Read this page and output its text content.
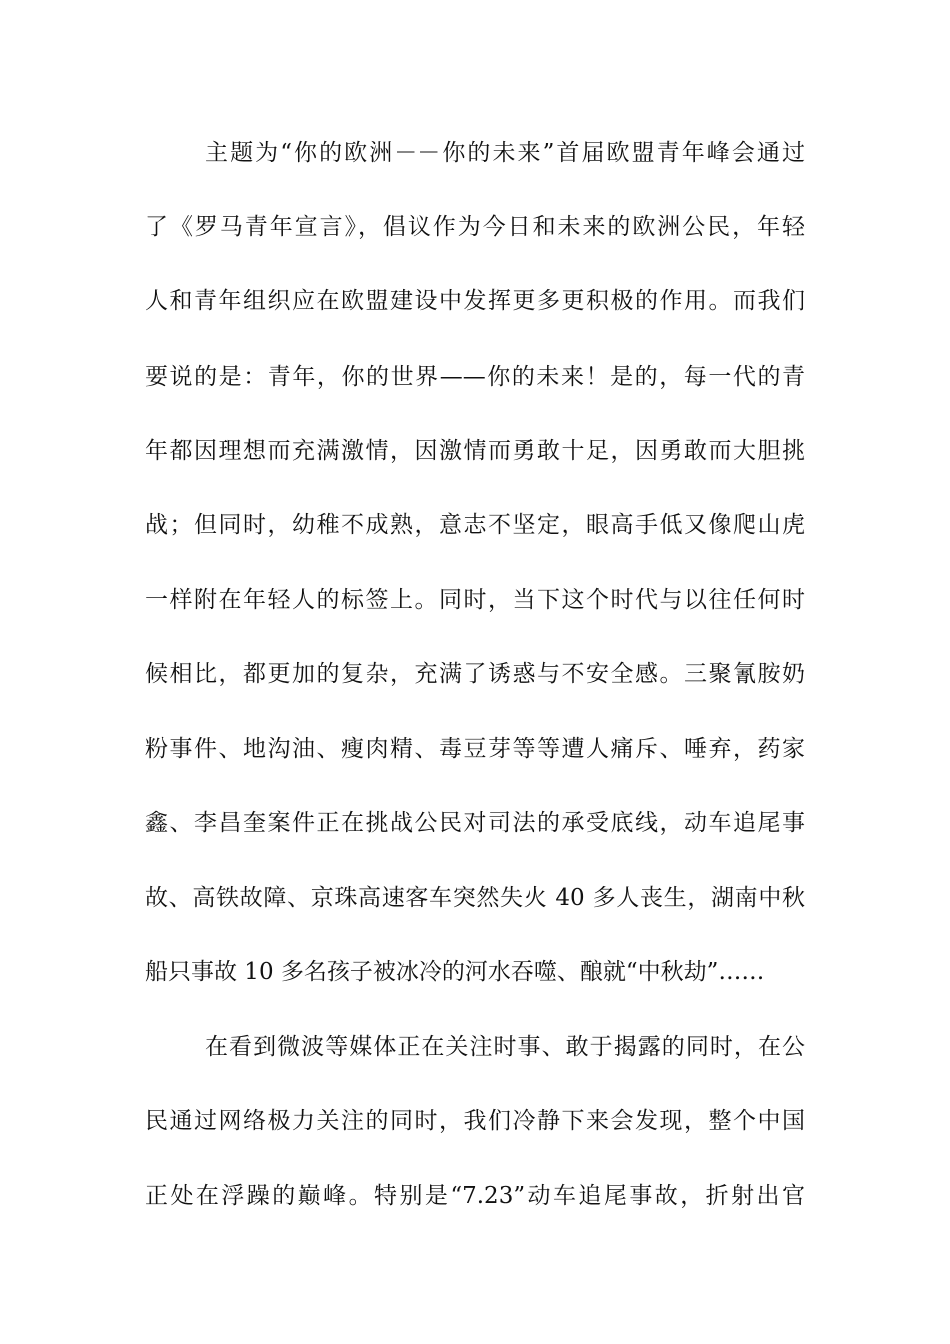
主题为“你的欧洲－－你的未来”首届欧盟青年峰会通过
了《罗马青年宣言》，倡议作为今日和未来的欧洲公民，年轻
人和青年组织应在欧盟建设中发挥更多更积极的作用。而我们
要说的是：青年，你的世界——你的未来！是的，每一代的青
年都因理想而充满激情，因激情而勇敢十足，因勇敢而大胆挑
战；但同时，幼稚不成熟，意志不坚定，眼高手低又像爬山虎
一样附在年轻人的标签上。同时，当下这个时代与以往任何时
候相比，都更加的复杂，充满了诱惑与不安全感。三聚氰胺奶
粉事件、地沟油、瘦肉精、毒豆芽等等遭人痛斥、唾弃，药家
鑫、李昌奎案件正在挑战公民对司法的承受底线，动车追尾事
故、高铁故障、京珠高速客车突然失火 40 多人丧生，湖南中秋
船只事故 10 多名孩子被冰冷的河水吞噬、酿就“中秋劫”……
在看到微波等媒体正在关注时事、敢于揭露的同时，在公
民通过网络极力关注的同时，我们冷静下来会发现，整个中国
正处在浮躁的巅峰。特别是“7.23”动车追尾事故，折射出官
